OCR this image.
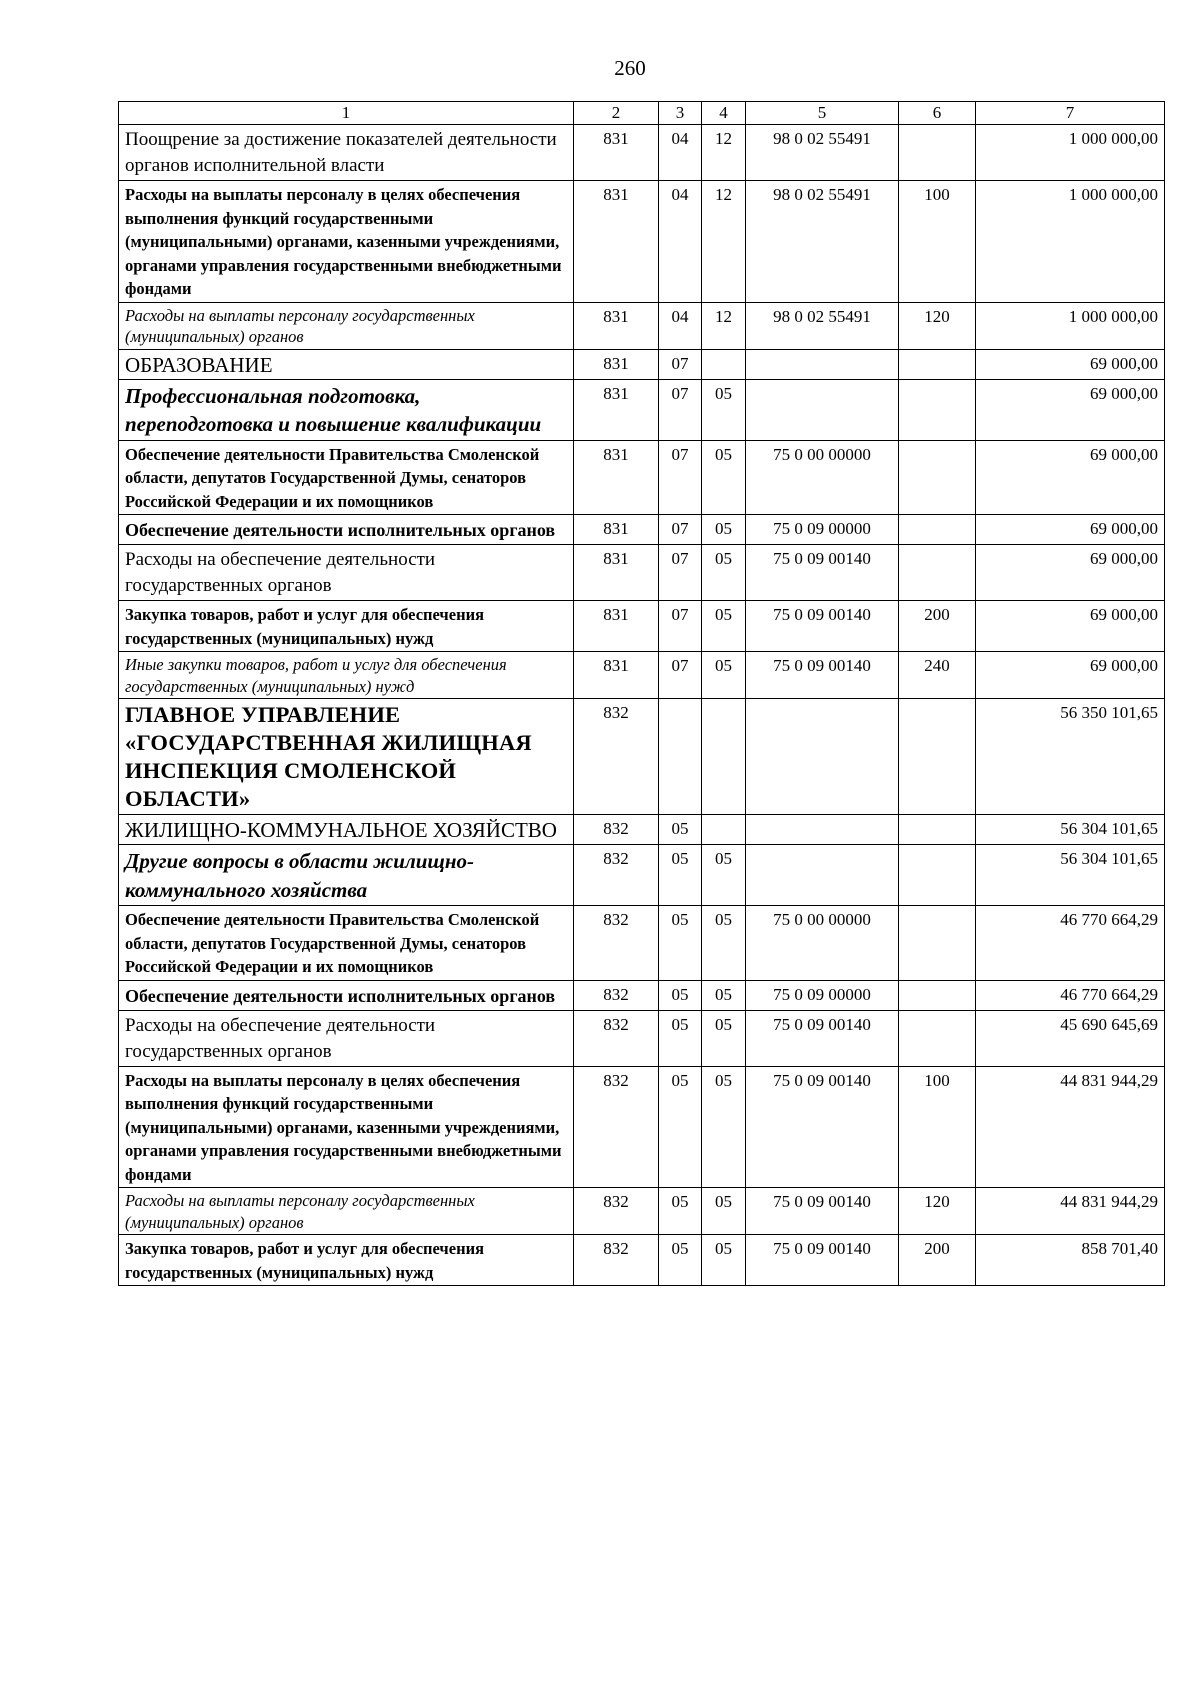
260
1	2	3	4	5	6	7
Поощрение за достижение показателей деятельности органов исполнительной власти	831	04	12	98 0 02 55491		1 000 000,00
Расходы на выплаты персоналу в целях обеспечения выполнения функций государственными (муниципальными) органами, казенными учреждениями, органами управления государственными внебюджетными фондами	831	04	12	98 0 02 55491	100	1 000 000,00
Расходы на выплаты персоналу государственных (муниципальных) органов	831	04	12	98 0 02 55491	120	1 000 000,00
ОБРАЗОВАНИЕ	831	07				69 000,00
Профессиональная подготовка, переподготовка и повышение квалификации	831	07	05			69 000,00
Обеспечение деятельности Правительства Смоленской области, депутатов Государственной Думы, сенаторов Российской Федерации и их помощников	831	07	05	75 0 00 00000		69 000,00
Обеспечение деятельности исполнительных органов	831	07	05	75 0 09 00000		69 000,00
Расходы на обеспечение деятельности государственных органов	831	07	05	75 0 09 00140		69 000,00
Закупка товаров, работ и услуг для обеспечения государственных (муниципальных) нужд	831	07	05	75 0 09 00140	200	69 000,00
Иные закупки товаров, работ и услуг для обеспечения государственных (муниципальных) нужд	831	07	05	75 0 09 00140	240	69 000,00
ГЛАВНОЕ УПРАВЛЕНИЕ «ГОСУДАРСТВЕННАЯ ЖИЛИЩНАЯ ИНСПЕКЦИЯ СМОЛЕНСКОЙ ОБЛАСТИ»	832					56 350 101,65
ЖИЛИЩНО-КОММУНАЛЬНОЕ ХОЗЯЙСТВО	832	05				56 304 101,65
Другие вопросы в области жилищно-коммунального хозяйства	832	05	05			56 304 101,65
Обеспечение деятельности Правительства Смоленской области, депутатов Государственной Думы, сенаторов Российской Федерации и их помощников	832	05	05	75 0 00 00000		46 770 664,29
Обеспечение деятельности исполнительных органов	832	05	05	75 0 09 00000		46 770 664,29
Расходы на обеспечение деятельности государственных органов	832	05	05	75 0 09 00140		45 690 645,69
Расходы на выплаты персоналу в целях обеспечения выполнения функций государственными (муниципальными) органами, казенными учреждениями, органами управления государственными внебюджетными фондами	832	05	05	75 0 09 00140	100	44 831 944,29
Расходы на выплаты персоналу государственных (муниципальных) органов	832	05	05	75 0 09 00140	120	44 831 944,29
Закупка товаров, работ и услуг для обеспечения государственных (муниципальных) нужд	832	05	05	75 0 09 00140	200	858 701,40
